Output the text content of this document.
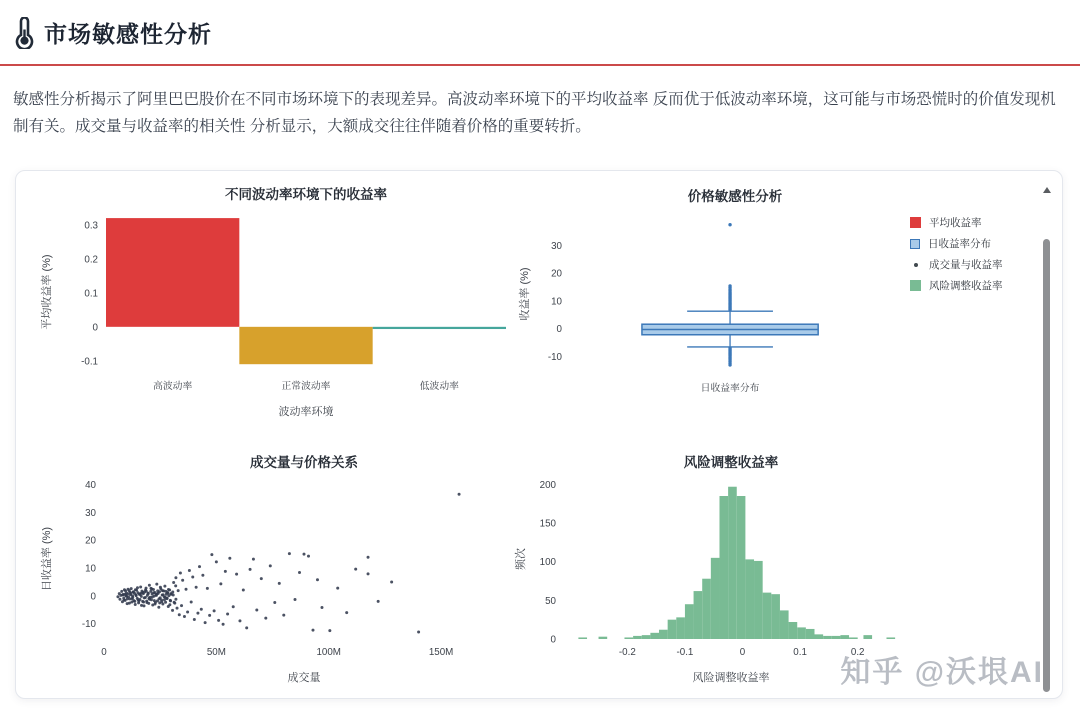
市场敏感性分析

敏感性分析揭示了阿里巴巴股价在不同市场环境下的表现差异。高波动率环境下的平均收益率 反而优于低波动率环境，这可能与市场恐慌时的价值发现机制有关。成交量与收益率的相关性 分析显示，大额成交往往伴随着价格的重要转折。

不同波动率环境下的收益率
0.3
0.2
0.1
0
-0.1
平均收益率 (%)
高波动率	正常波动率	低波动率
波动率环境
价格敏感性分析
30
20
10
0
-10
收益率 (%)
日收益率分布
平均收益率
日收益率分布
成交量与收益率
风险调整收益率
成交量与价格关系
40
30
20
10
0
-10
0	50M	100M	150M
日收益率 (%)
成交量
风险调整收益率
0
50
100
150
200
-0.2	-0.1	0	0.1	0.2
频次
风险调整收益率 知乎 @沃垠AI
